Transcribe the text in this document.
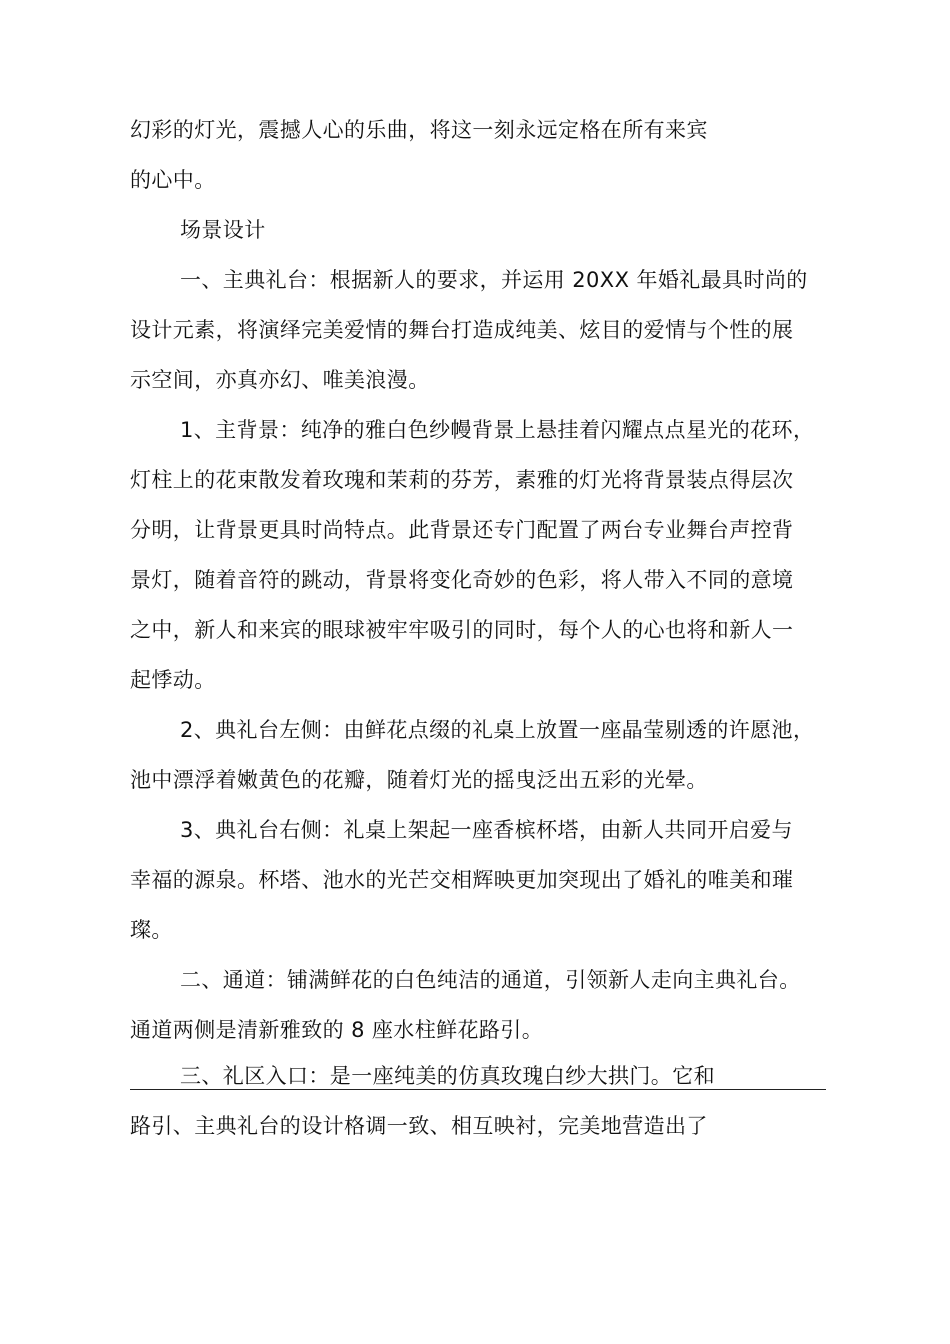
幻彩的灯光，震撼人心的乐曲，将这一刻永远定格在所有来宾
的心中。
场景设计
一、主典礼台：根据新人的要求，并运用 20XX 年婚礼最具时尚的
设计元素，将演绎完美爱情的舞台打造成纯美、炫目的爱情与个性的展
示空间，亦真亦幻、唯美浪漫。
1、主背景：纯净的雅白色纱幔背景上悬挂着闪耀点点星光的花环，
灯柱上的花束散发着玫瑰和茉莉的芬芳，素雅的灯光将背景装点得层次
分明，让背景更具时尚特点。此背景还专门配置了两台专业舞台声控背
景灯，随着音符的跳动，背景将变化奇妙的色彩，将人带入不同的意境
之中，新人和来宾的眼球被牢牢吸引的同时，每个人的心也将和新人一
起悸动。
2、典礼台左侧：由鲜花点缀的礼桌上放置一座晶莹剔透的许愿池，
池中漂浮着嫩黄色的花瓣，随着灯光的摇曳泛出五彩的光晕。
3、典礼台右侧：礼桌上架起一座香槟杯塔，由新人共同开启爱与
幸福的源泉。杯塔、池水的光芒交相辉映更加突现出了婚礼的唯美和璀
璨。
二、通道：铺满鲜花的白色纯洁的通道，引领新人走向主典礼台。
通道两侧是清新雅致的 8 座水柱鲜花路引。
三、礼区入口：是一座纯美的仿真玫瑰白纱大拱门。它和
路引、主典礼台的设计格调一致、相互映衬，完美地营造出了
